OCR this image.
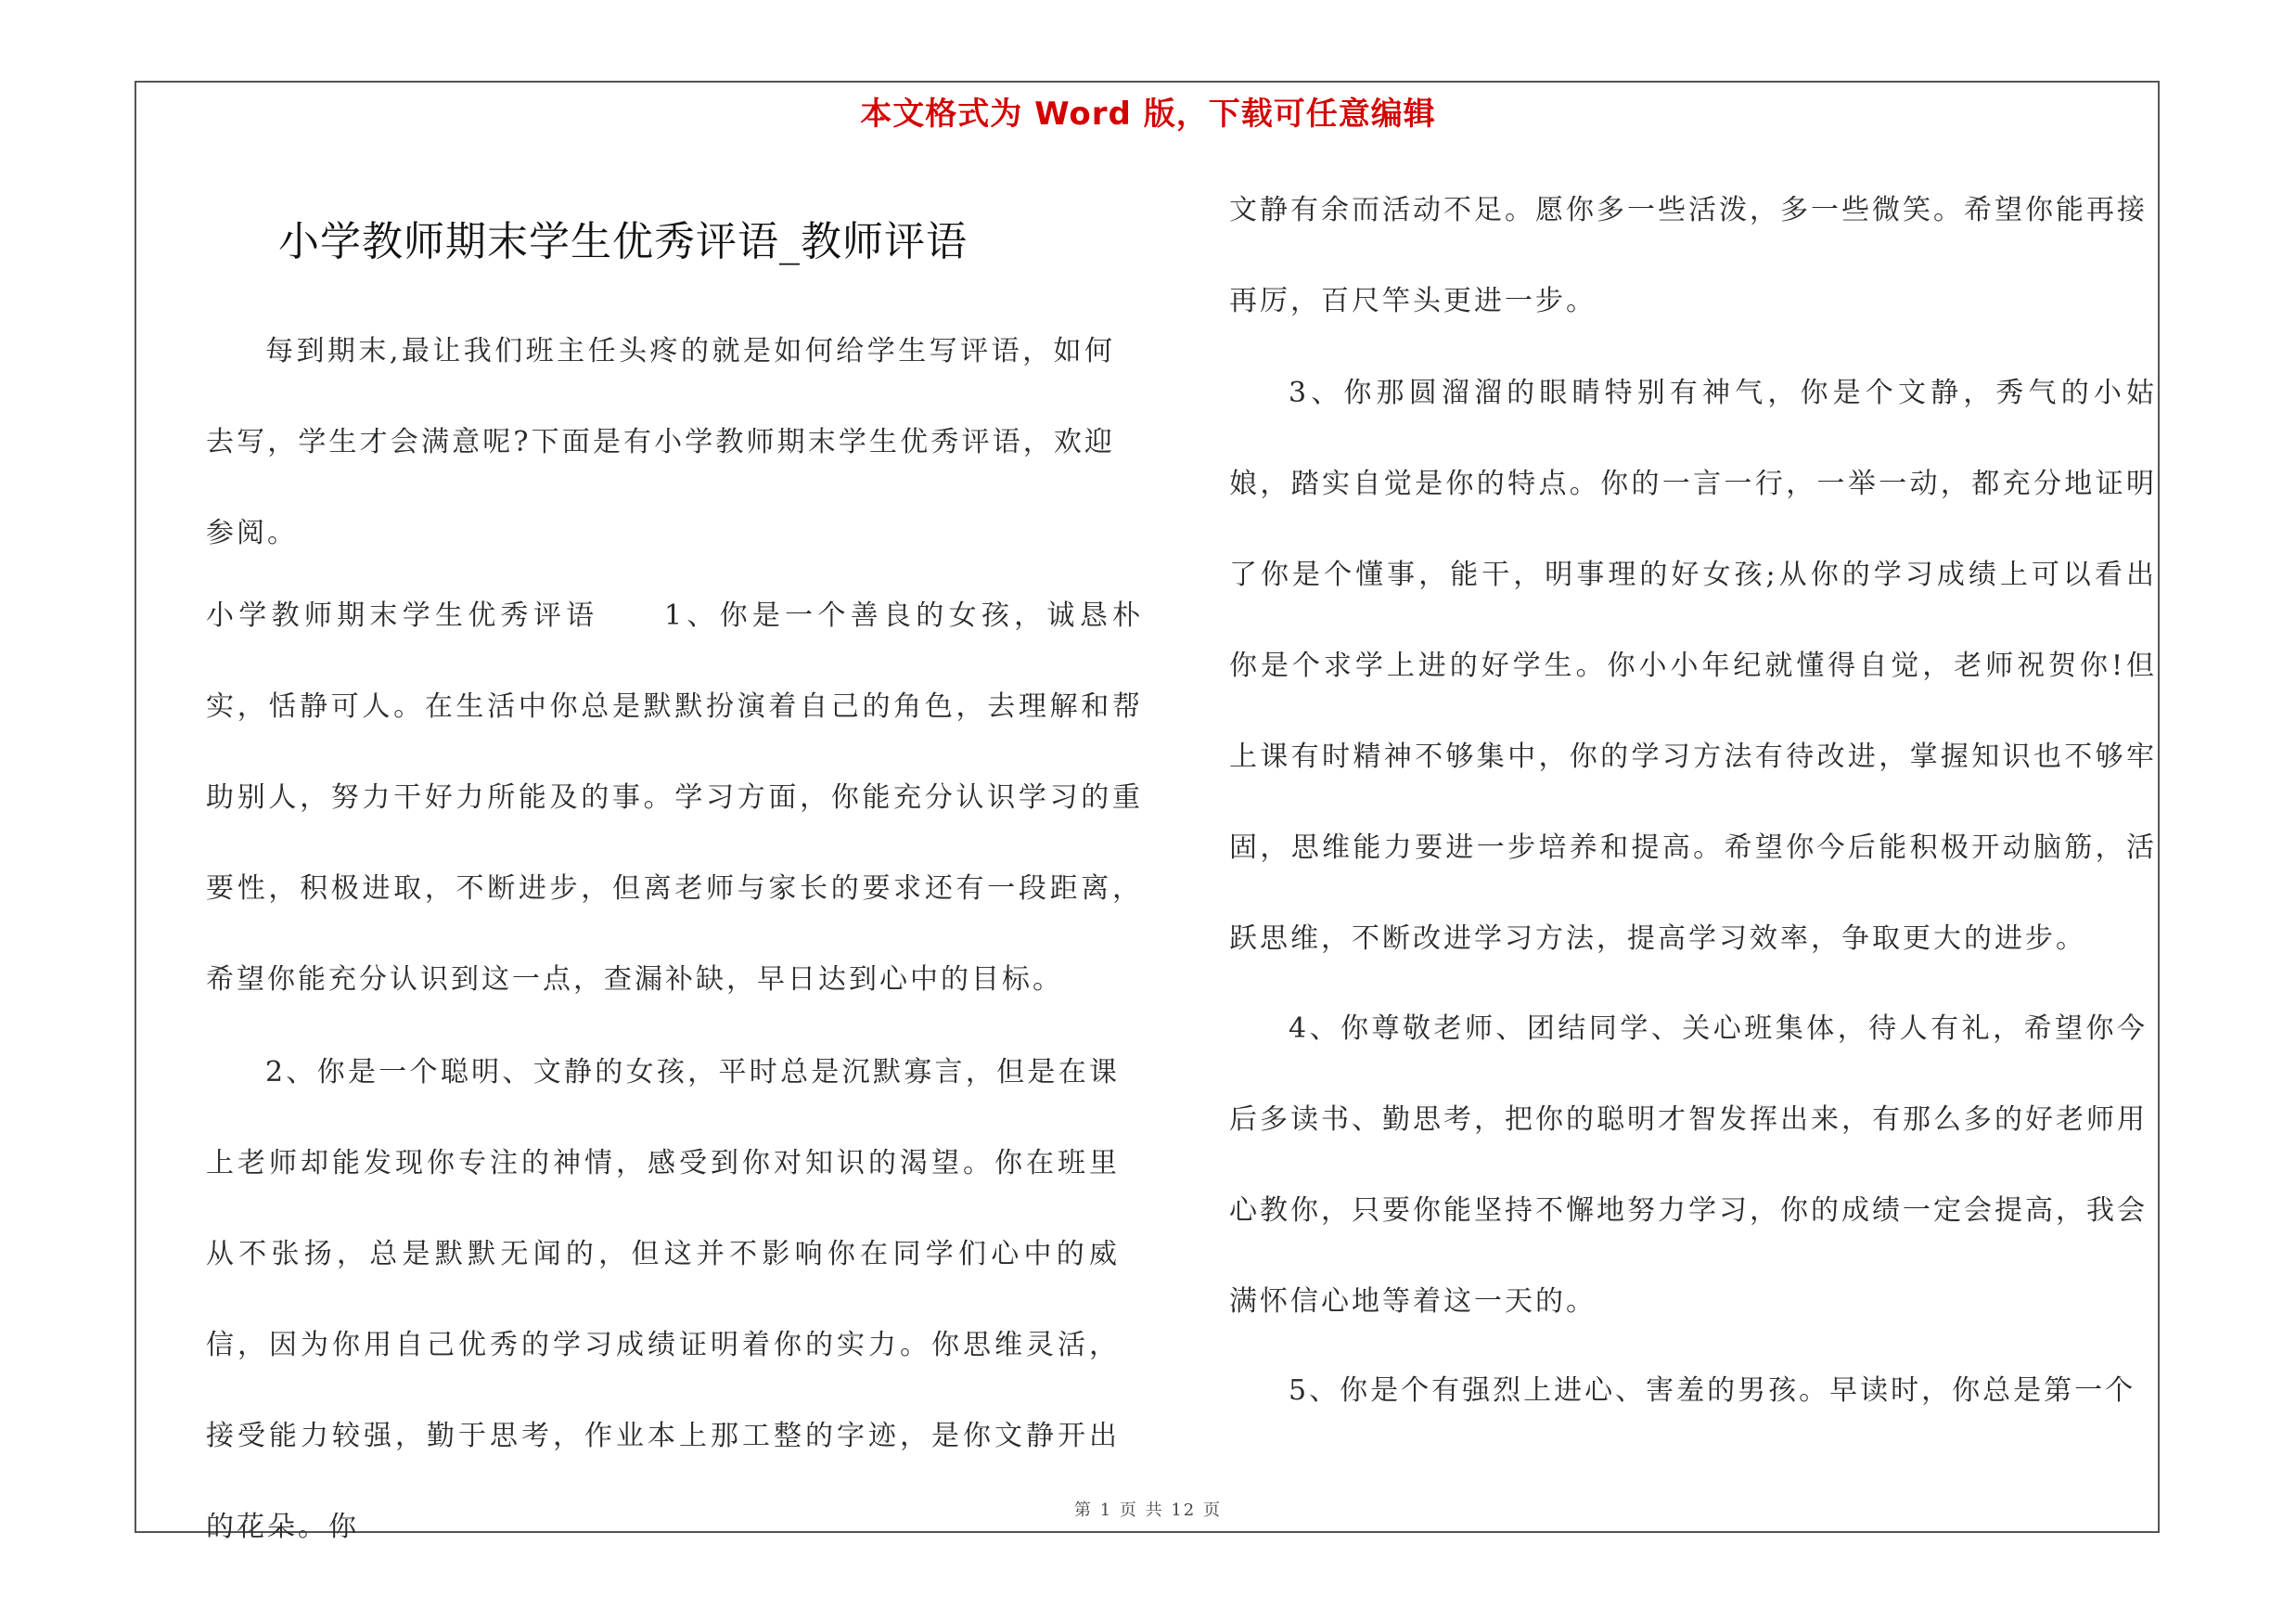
本文格式为 Word 版，下载可任意编辑
小学教师期末学生优秀评语_教师评语

每到期末,最让我们班主任头疼的就是如何给学生写评语，如何去写，学生才会满意呢?下面是有小学教师期末学生优秀评语，欢迎参阅。

小学教师期末学生优秀评语　　1、你是一个善良的女孩，诚恳朴实，恬静可人。在生活中你总是默默扮演着自己的角色，去理解和帮助别人，努力干好力所能及的事。学习方面，你能充分认识学习的重要性，积极进取，不断进步，但离老师与家长的要求还有一段距离，希望你能充分认识到这一点，查漏补缺，早日达到心中的目标。

2、你是一个聪明、文静的女孩，平时总是沉默寡言，但是在课上老师却能发现你专注的神情，感受到你对知识的渴望。你在班里从不张扬，总是默默无闻的，但这并不影响你在同学们心中的威信，因为你用自己优秀的学习成绩证明着你的实力。你思维灵活，接受能力较强，勤于思考，作业本上那工整的字迹，是你文静开出的花朵。你

文静有余而活动不足。愿你多一些活泼，多一些微笑。希望你能再接再厉，百尺竿头更进一步。

3、你那圆溜溜的眼睛特别有神气，你是个文静，秀气的小姑娘，踏实自觉是你的特点。你的一言一行，一举一动，都充分地证明了你是个懂事，能干，明事理的好女孩;从你的学习成绩上可以看出你是个求学上进的好学生。你小小年纪就懂得自觉，老师祝贺你!但上课有时精神不够集中，你的学习方法有待改进，掌握知识也不够牢固，思维能力要进一步培养和提高。希望你今后能积极开动脑筋，活跃思维，不断改进学习方法，提高学习效率，争取更大的进步。

4、你尊敬老师、团结同学、关心班集体，待人有礼，希望你今后多读书、勤思考，把你的聪明才智发挥出来，有那么多的好老师用心教你，只要你能坚持不懈地努力学习，你的成绩一定会提高，我会满怀信心地等着这一天的。

5、你是个有强烈上进心、害羞的男孩。早读时，你总是第一个

第 1 页 共 12 页
